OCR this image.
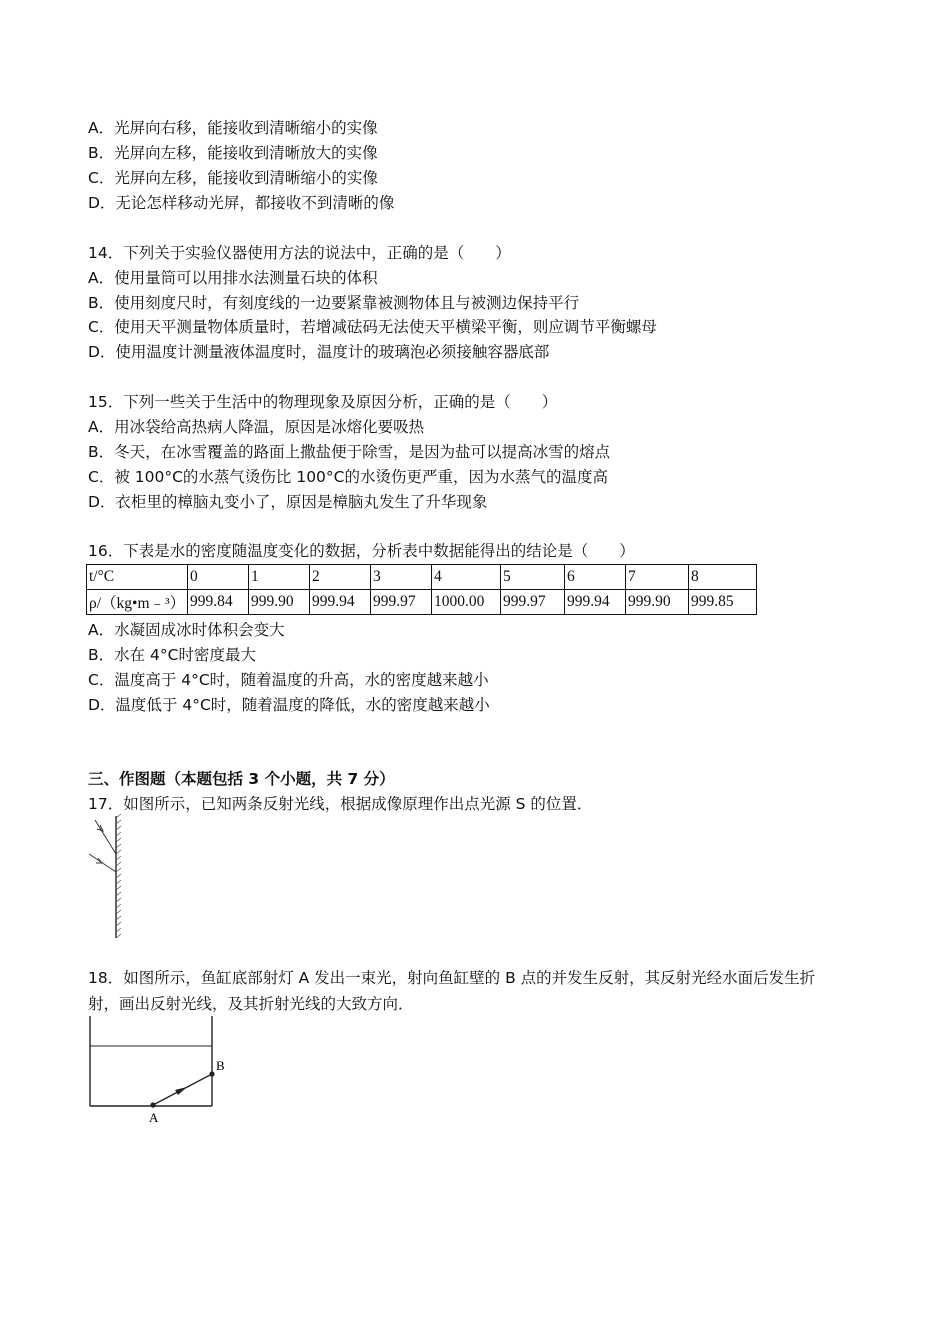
A．光屏向右移，能接收到清晰缩小的实像
B．光屏向左移，能接收到清晰放大的实像
C．光屏向左移，能接收到清晰缩小的实像
D．无论怎样移动光屏，都接收不到清晰的像
14．下列关于实验仪器使用方法的说法中，正确的是（　　）
A．使用量筒可以用排水法测量石块的体积
B．使用刻度尺时，有刻度线的一边要紧靠被测物体且与被测边保持平行
C．使用天平测量物体质量时，若增减砝码无法使天平横梁平衡，则应调节平衡螺母
D．使用温度计测量液体温度时，温度计的玻璃泡必须接触容器底部
15．下列一些关于生活中的物理现象及原因分析，正确的是（　　）
A．用冰袋给高热病人降温，原因是冰熔化要吸热
B．冬天，在冰雪覆盖的路面上撒盐便于除雪，是因为盐可以提高冰雪的熔点
C．被 100°C的水蒸气烫伤比 100°C的水烫伤更严重，因为水蒸气的温度高
D．衣柜里的樟脑丸变小了，原因是樟脑丸发生了升华现象
16．下表是水的密度随温度变化的数据，分析表中数据能得出的结论是（　　）
t/°C	0	1	2	3	4	5	6	7	8
ρ/（kg•m﹣³）	999.84	999.90	999.94	999.97	1000.00	999.97	999.94	999.90	999.85
A．水凝固成冰时体积会变大
B．水在 4°C时密度最大
C．温度高于 4°C时，随着温度的升高，水的密度越来越小
D．温度低于 4°C时，随着温度的降低，水的密度越来越小
三、作图题（本题包括 3 个小题，共 7 分）
17．如图所示，已知两条反射光线，根据成像原理作出点光源 S 的位置．
18．如图所示，鱼缸底部射灯 A 发出一束光，射向鱼缸壁的 B 点的并发生反射，其反射光经水面后发生折
射，画出反射光线，及其折射光线的大致方向．
A
B
